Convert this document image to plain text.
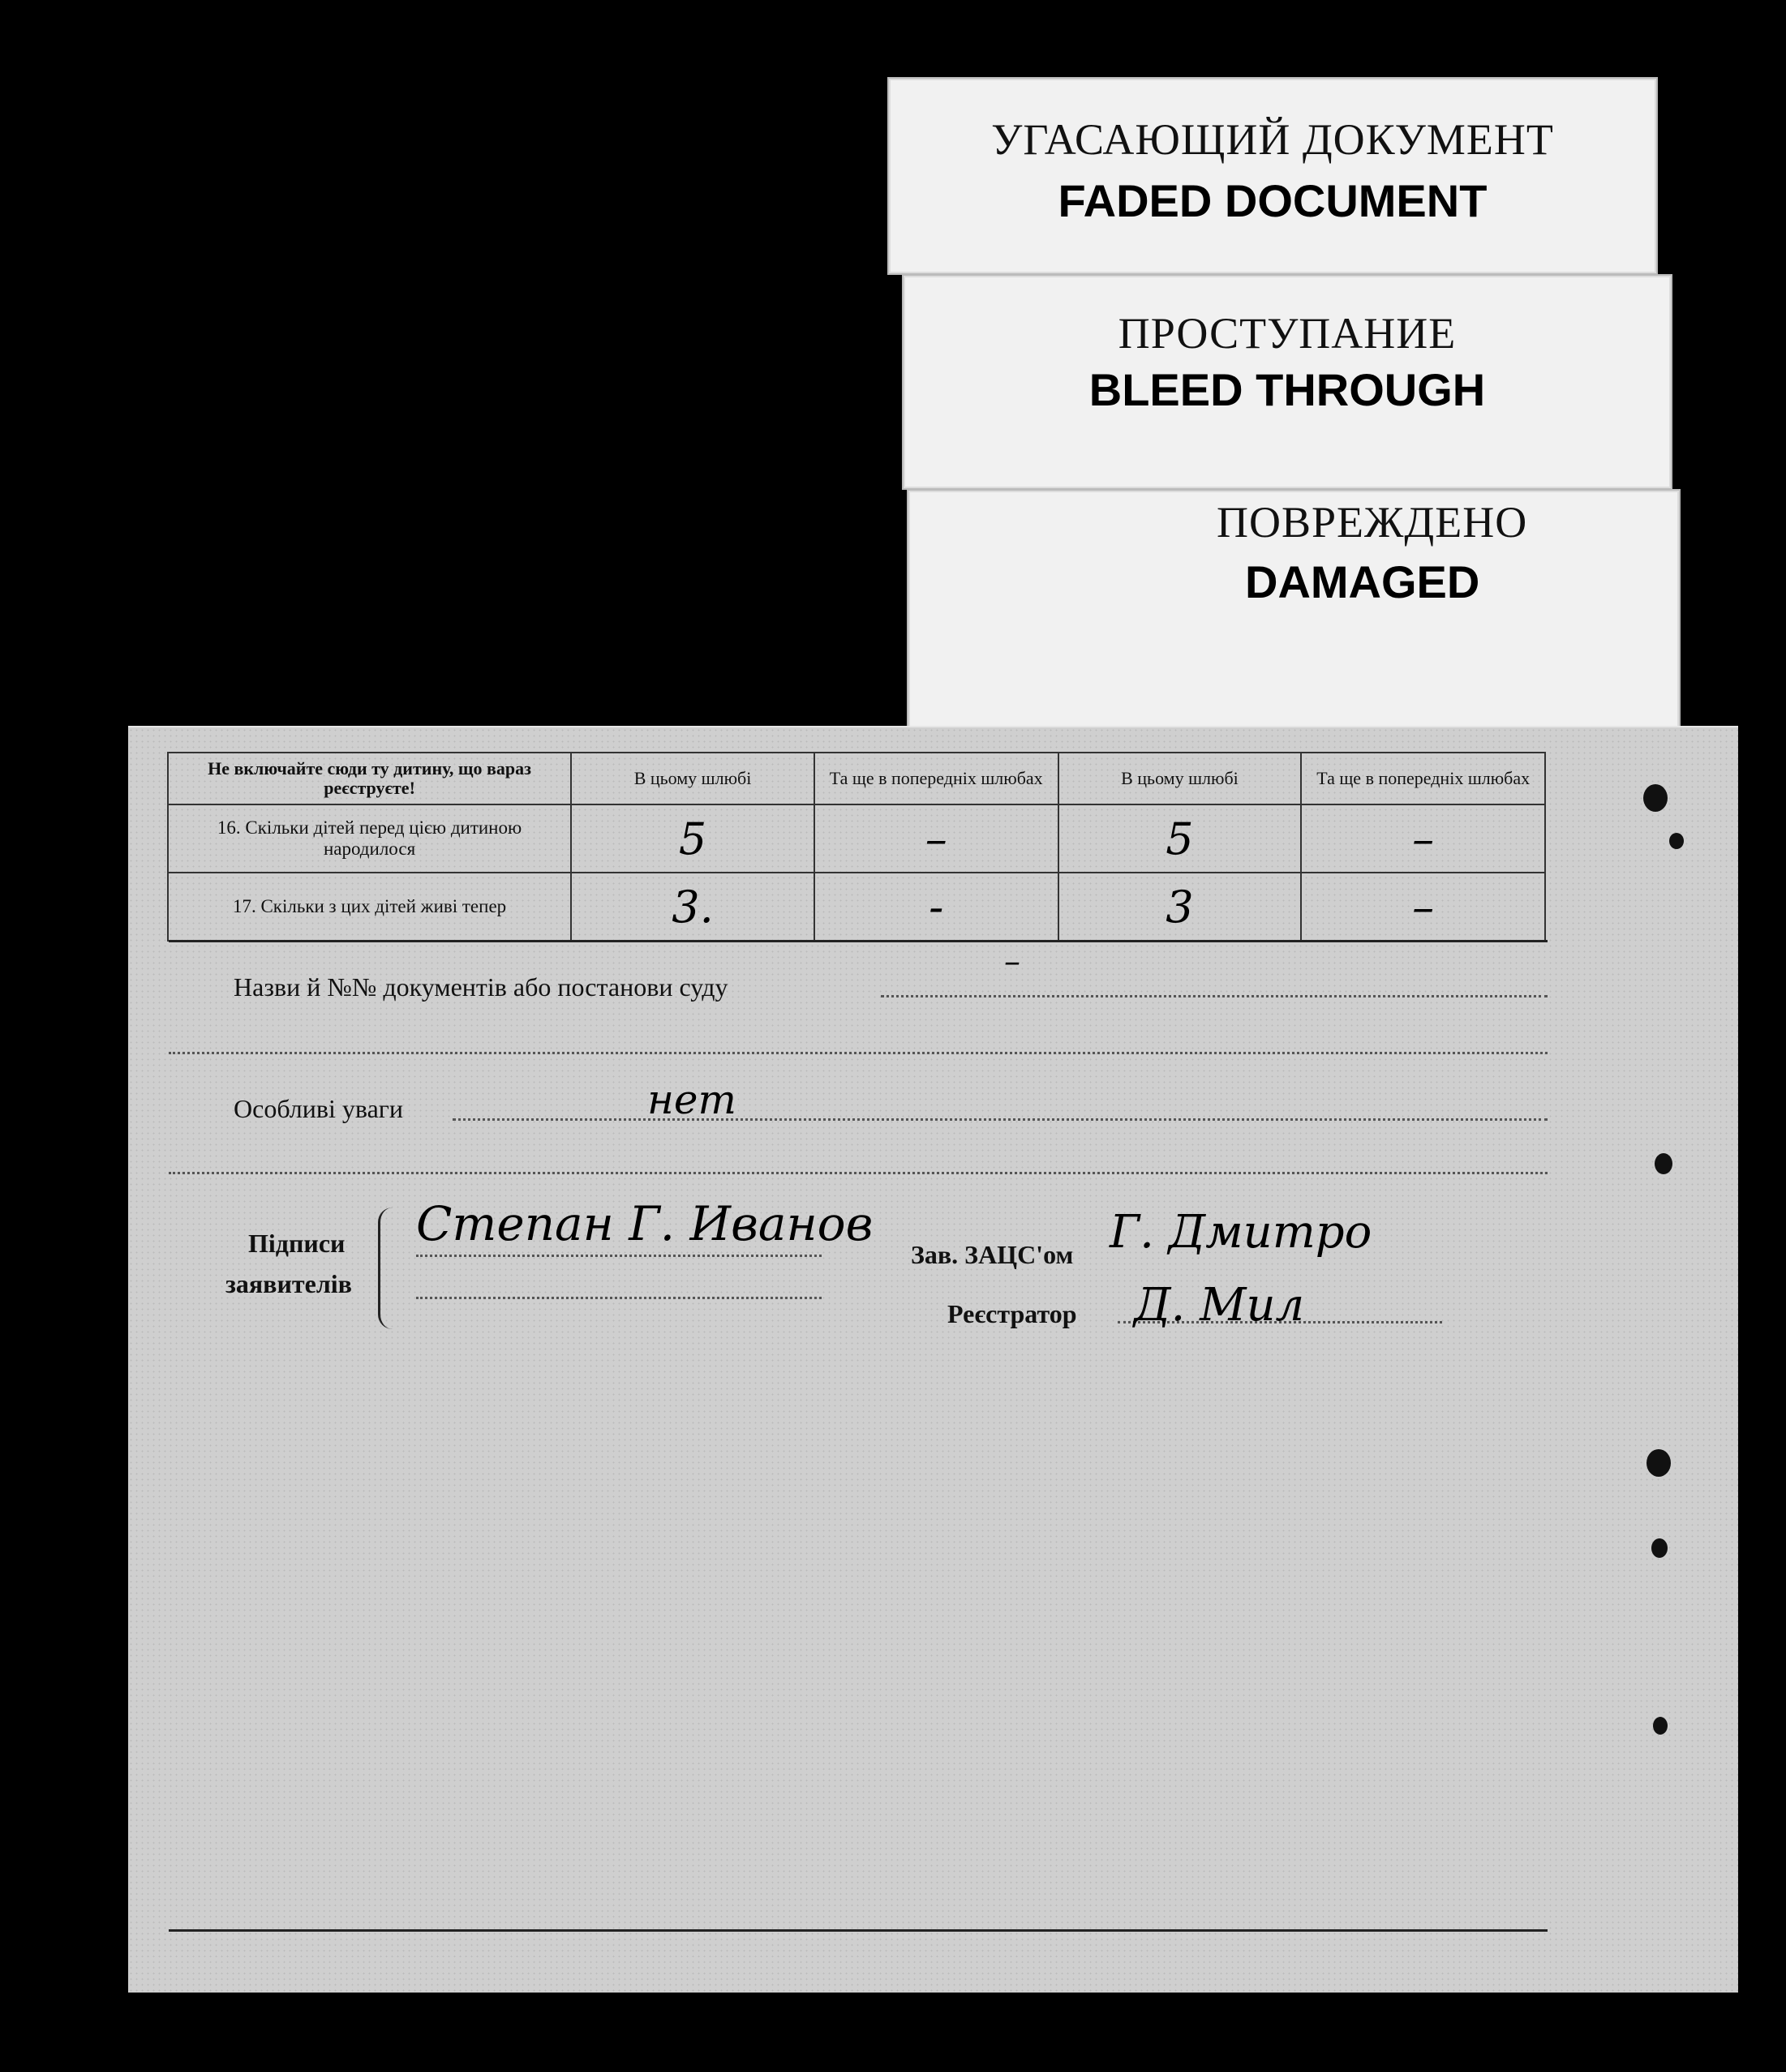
УГАСАЮЩИЙ ДОКУМЕНТ
FADED DOCUMENT
ПРОСТУПАНИЕ
BLEED THROUGH
ПОВРЕЖДЕНО
DAMAGED
Не включайте сюди ту дитину, що вараз реєструєте!	В цьому шлюбі	Та ще в попередніх шлюбах	В цьому шлюбі	Та ще в попередніх шлюбах
16. Скільки дітей перед цією дитиною народилося	5	–	5	–
17. Скільки з цих дітей живі тепер	3.	-	3	–
Назви й №№ документів або постанови суду
–
Особливі уваги	нет
Підписи
заявителів
Степан Г. Иванов
Зав. ЗАЦС'ом Г. Дмитро
Реєстратор Д. Мил
